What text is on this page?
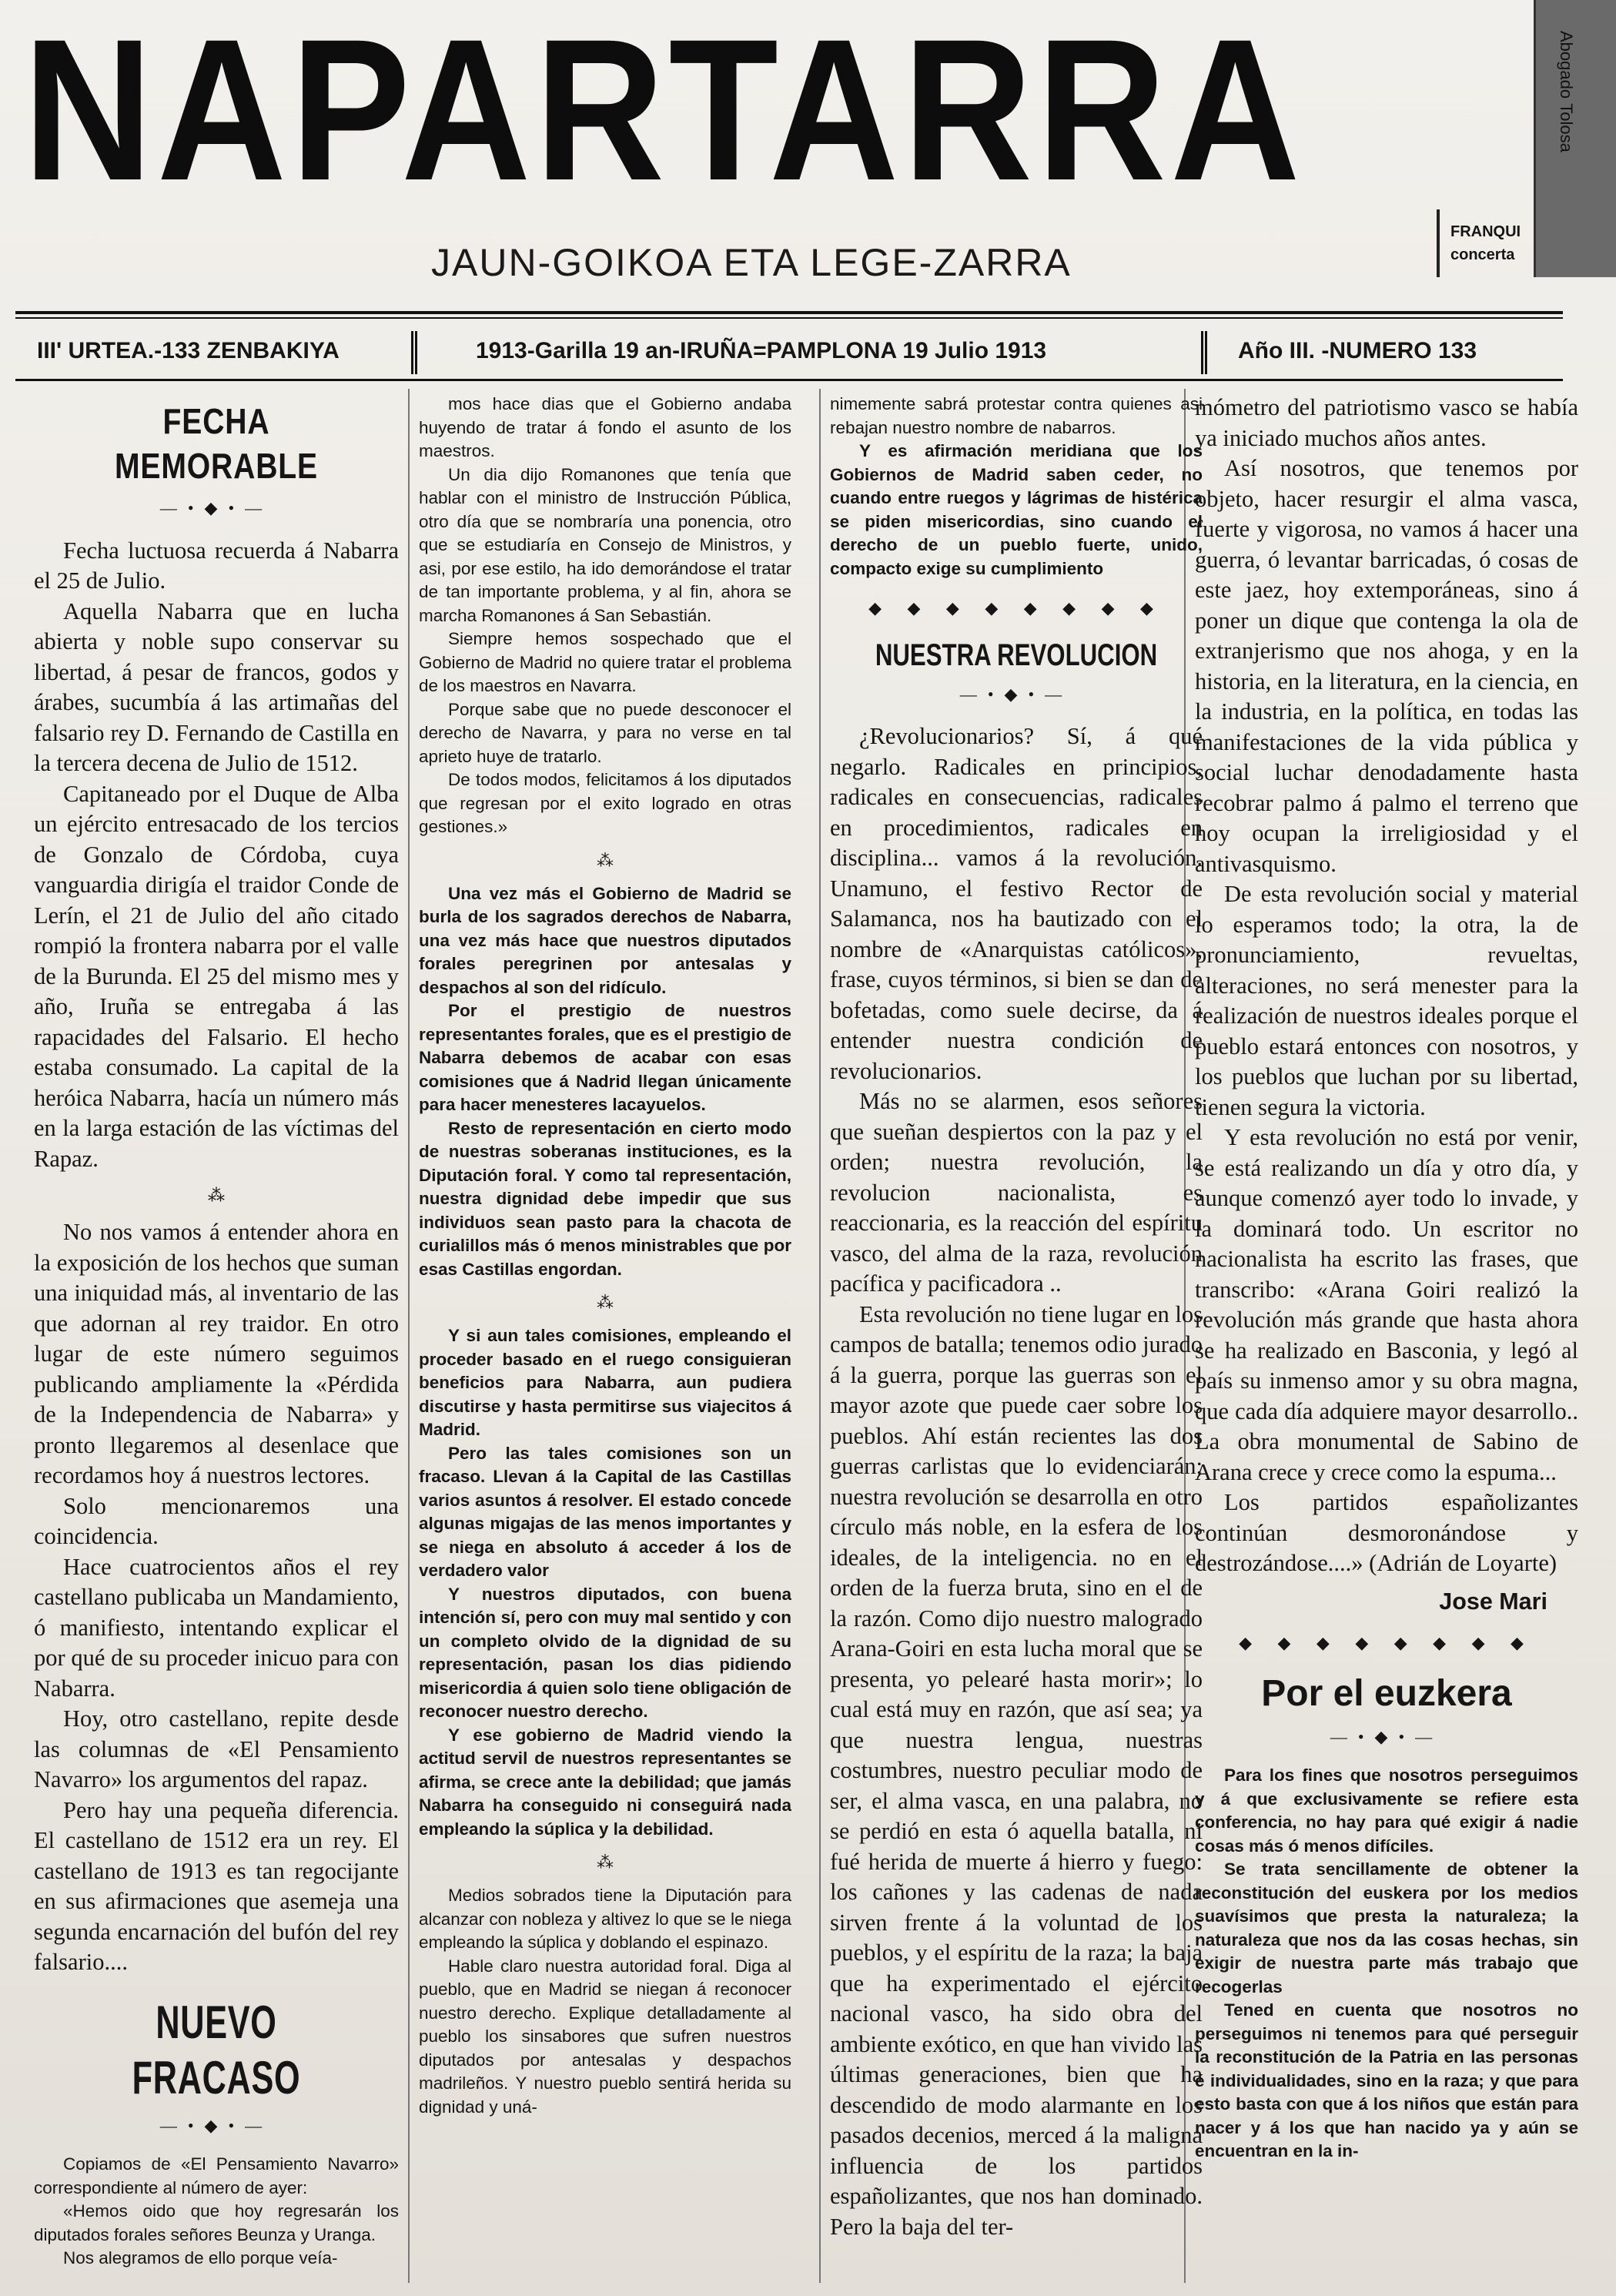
NAPARTARRA
JAUN-GOIKOA ETA LEGE-ZARRA
FRANQUI
concerta
Abogado Tolosa
III' URTEA.-133 ZENBAKIYA	1913-Garilla 19 an-IRUÑA=PAMPLONA 19 Julio 1913	Año III. -NUMERO 133
FECHA MEMORABLE
—•◆•—

Fecha luctuosa recuerda á Nabarra el 25 de Julio.

Aquella Nabarra que en lucha abierta y noble supo conservar su libertad, á pesar de francos, godos y árabes, sucumbía á las artimañas del falsario rey D. Fernando de Castilla en la tercera decena de Julio de 1512.

Capitaneado por el Duque de Alba un ejército entresacado de los tercios de Gonzalo de Córdoba, cuya vanguardia dirigía el traidor Conde de Lerín, el 21 de Julio del año citado rompió la frontera nabarra por el valle de la Burunda. El 25 del mismo mes y año, Iruña se entregaba á las rapacidades del Falsario. El hecho estaba consumado. La capital de la heróica Nabarra, hacía un número más en la larga estación de las víctimas del Rapaz.

⁂

No nos vamos á entender ahora en la exposición de los hechos que suman una iniquidad más, al inventario de las que adornan al rey traidor. En otro lugar de este número seguimos publicando ampliamente la «Pérdida de la Independencia de Nabarra» y pronto llegaremos al desenlace que recordamos hoy á nuestros lectores.

Solo mencionaremos una coincidencia.

Hace cuatrocientos años el rey castellano publicaba un Mandamiento, ó manifiesto, intentando explicar el por qué de su proceder inicuo para con Nabarra.

Hoy, otro castellano, repite desde las columnas de «El Pensamiento Navarro» los argumentos del rapaz.

Pero hay una pequeña diferencia. El castellano de 1512 era un rey. El castellano de 1913 es tan regocijante en sus afirmaciones que asemeja una segunda encarnación del bufón del rey falsario....

NUEVO FRACASO
—•◆•—

Copiamos de «El Pensamiento Navarro» correspondiente al número de ayer:

«Hemos oido que hoy regresarán los diputados forales señores Beunza y Uranga.

Nos alegramos de ello porque veía-

mos hace dias que el Gobierno andaba huyendo de tratar á fondo el asunto de los maestros.

Un dia dijo Romanones que tenía que hablar con el ministro de Instrucción Pública, otro día que se nombraría una ponencia, otro que se estudiaría en Consejo de Ministros, y asi, por ese estilo, ha ido demorándose el tratar de tan importante problema, y al fin, ahora se marcha Romanones á San Sebastián.

Siempre hemos sospechado que el Gobierno de Madrid no quiere tratar el problema de los maestros en Navarra.

Porque sabe que no puede desconocer el derecho de Navarra, y para no verse en tal aprieto huye de tratarlo.

De todos modos, felicitamos á los diputados que regresan por el exito logrado en otras gestiones.»

⁂

Una vez más el Gobierno de Madrid se burla de los sagrados derechos de Nabarra, una vez más hace que nuestros diputados forales peregrinen por antesalas y despachos al son del ridículo.

Por el prestigio de nuestros representantes forales, que es el prestigio de Nabarra debemos de acabar con esas comisiones que á Nadrid llegan únicamente para hacer menesteres lacayuelos.

Resto de representación en cierto modo de nuestras soberanas instituciones, es la Diputación foral. Y como tal representación, nuestra dignidad debe impedir que sus individuos sean pasto para la chacota de curialillos más ó menos ministrables que por esas Castillas engordan.

⁂

Y si aun tales comisiones, empleando el proceder basado en el ruego consiguieran beneficios para Nabarra, aun pudiera discutirse y hasta permitirse sus viajecitos á Madrid.

Pero las tales comisiones son un fracaso. Llevan á la Capital de las Castillas varios asuntos á resolver. El estado concede algunas migajas de las menos importantes y se niega en absoluto á acceder á los de verdadero valor

Y nuestros diputados, con buena intención sí, pero con muy mal sentido y con un completo olvido de la dignidad de su representación, pasan los dias pidiendo misericordia á quien solo tiene obligación de reconocer nuestro derecho.

Y ese gobierno de Madrid viendo la actitud servil de nuestros representantes se afirma, se crece ante la debilidad; que jamás Nabarra ha conseguido ni conseguirá nada empleando la súplica y la debilidad.

⁂

Medios sobrados tiene la Diputación para alcanzar con nobleza y altivez lo que se le niega empleando la súplica y doblando el espinazo.

Hable claro nuestra autoridad foral. Diga al pueblo, que en Madrid se niegan á reconocer nuestro derecho. Explique detalladamente al pueblo los sinsabores que sufren nuestros diputados por antesalas y despachos madrileños. Y nuestro pueblo sentirá herida su dignidad y uná-

nimemente sabrá protestar contra quienes asi rebajan nuestro nombre de nabarros.

Y es afirmación meridiana que los Gobiernos de Madrid saben ceder, no cuando entre ruegos y lágrimas de histérica se piden misericordias, sino cuando el derecho de un pueblo fuerte, unido, compacto exige su cumplimiento

◆ ◆ ◆ ◆ ◆ ◆ ◆ ◆
NUESTRA REVOLUCION
—•◆•—

¿Revolucionarios? Sí, á qué negarlo. Radicales en principios, radicales en consecuencias, radicales en procedimientos, radicales en disciplina... vamos á la revolución. Unamuno, el festivo Rector de Salamanca, nos ha bautizado con el nombre de «Anarquistas católicos», frase, cuyos términos, si bien se dan de bofetadas, como suele decirse, da á entender nuestra condición de revolucionarios.

Más no se alarmen, esos señores que sueñan despiertos con la paz y el orden; nuestra revolución, la revolucion nacionalista, es reaccionaria, es la reacción del espíritu vasco, del alma de la raza, revolución pacífica y pacificadora ..

Esta revolución no tiene lugar en los campos de batalla; tenemos odio jurado á la guerra, porque las guerras son el mayor azote que puede caer sobre los pueblos. Ahí están recientes las dos guerras carlistas que lo evidenciarán; nuestra revolución se desarrolla en otro círculo más noble, en la esfera de los ideales, de la inteligencia. no en el orden de la fuerza bruta, sino en el de la razón. Como dijo nuestro malogrado Arana-Goiri en esta lucha moral que se presenta, yo pelearé hasta morir»; lo cual está muy en razón, que así sea; ya que nuestra lengua, nuestras costumbres, nuestro peculiar modo de ser, el alma vasca, en una palabra, no se perdió en esta ó aquella batalla, ni fué herida de muerte á hierro y fuego: los cañones y las cadenas de nada sirven frente á la voluntad de los pueblos, y el espíritu de la raza; la baja que ha experimentado el ejército nacional vasco, ha sido obra del ambiente exótico, en que han vivido las últimas generaciones, bien que ha descendido de modo alarmante en los pasados decenios, merced á la maligna influencia de los partidos españolizantes, que nos han dominado. Pero la baja del ter-

mómetro del patriotismo vasco se había ya iniciado muchos años antes.

Así nosotros, que tenemos por objeto, hacer resurgir el alma vasca, fuerte y vigorosa, no vamos á hacer una guerra, ó levantar barricadas, ó cosas de este jaez, hoy extemporáneas, sino á poner un dique que contenga la ola de extranjerismo que nos ahoga, y en la historia, en la literatura, en la ciencia, en la industria, en la política, en todas las manifestaciones de la vida pública y social luchar denodadamente hasta recobrar palmo á palmo el terreno que hoy ocupan la irreligiosidad y el antivasquismo.

De esta revolución social y material lo esperamos todo; la otra, la de pronunciamiento, revueltas, alteraciones, no será menester para la realización de nuestros ideales porque el pueblo estará entonces con nosotros, y los pueblos que luchan por su libertad, tienen segura la victoria.

Y esta revolución no está por venir, se está realizando un día y otro día, y aunque comenzó ayer todo lo invade, y la dominará todo. Un escritor no nacionalista ha escrito las frases, que transcribo: «Arana Goiri realizó la revolución más grande que hasta ahora se ha realizado en Basconia, y legó al país su inmenso amor y su obra magna, que cada día adquiere mayor desarrollo.. La obra monumental de Sabino de Arana crece y crece como la espuma...

Los partidos españolizantes continúan desmoronándose y destrozándose....» (Adrián de Loyarte)

Jose Mari
◆ ◆ ◆ ◆ ◆ ◆ ◆ ◆
Por el euzkera
—•◆•—

Para los fines que nosotros perseguimos y á que exclusivamente se refiere esta conferencia, no hay para qué exigir á nadie cosas más ó menos difíciles.

Se trata sencillamente de obtener la reconstitución del euskera por los medios suavísimos que presta la naturaleza; la naturaleza que nos da las cosas hechas, sin exigir de nuestra parte más trabajo que recogerlas

Tened en cuenta que nosotros no perseguimos ni tenemos para qué perseguir la reconstitución de la Patria en las personas é individualidades, sino en la raza; y que para esto basta con que á los niños que están para nacer y á los que han nacido ya y aún se encuentran en la in-
